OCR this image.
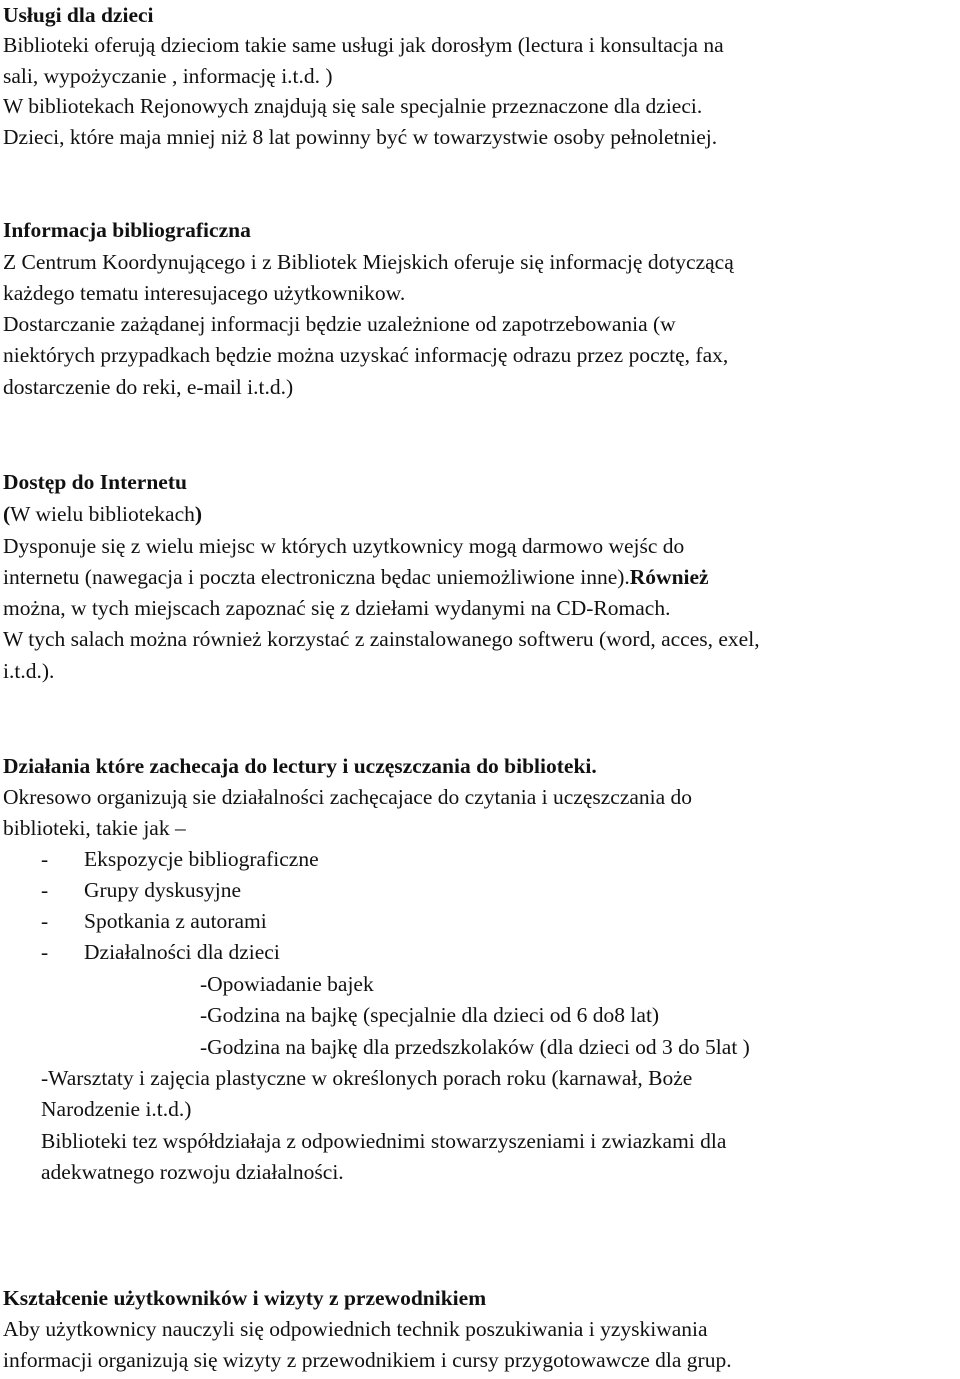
Usługi dla dzieci
Biblioteki oferują dzieciom takie same usługi jak dorosłym (lectura i konsultacja na
sali, wypożyczanie , informację i.t.d. )
W bibliotekach Rejonowych znajdują się sale specjalnie przeznaczone dla dzieci.
Dzieci, które maja mniej niż 8 lat powinny być w towarzystwie osoby pełnoletniej.
Informacja bibliograficzna
Z Centrum Koordynującego i z Bibliotek Miejskich oferuje się informację dotyczącą
każdego tematu interesujacego użytkownikow.
Dostarczanie zażądanej informacji będzie uzależnione od zapotrzebowania (w
niektórych przypadkach będzie można uzyskać informację odrazu przez pocztę, fax,
dostarczenie do reki, e-mail i.t.d.)
Dostęp do Internetu
(W wielu bibliotekach)
Dysponuje się z wielu miejsc w których uzytkownicy mogą darmowo wejśc do
internetu (nawegacja i poczta electroniczna będac uniemożliwione inne).Również
można, w tych miejscach zapoznać się z dziełami wydanymi na CD-Romach.
W tych salach można również korzystać z zainstalowanego softweru (word, acces, exel,
i.t.d.).
Działania które zachecaja do lectury i uczęszczania do biblioteki.
Okresowo organizują sie działalności zachęcajace do czytania i uczęszczania do
biblioteki, takie jak –
- Ekspozycje bibliograficzne
- Grupy dyskusyjne
- Spotkania z autorami
- Działalności dla dzieci
-Opowiadanie bajek
-Godzina na bajkę (specjalnie dla dzieci od 6 do8 lat)
-Godzina na bajkę dla przedszkolaków (dla dzieci od 3 do 5lat )
-Warsztaty i zajęcia plastyczne w określonych porach roku (karnawał, Boże
Narodzenie i.t.d.)
Biblioteki tez współdziałaja z odpowiednimi stowarzyszeniami i zwiazkami dla
adekwatnego rozwoju działalności.
Kształcenie użytkowników i wizyty z przewodnikiem
Aby użytkownicy nauczyli się odpowiednich technik poszukiwania i yzyskiwania
informacji organizują się wizyty z przewodnikiem i cursy przygotowawcze dla grup.
